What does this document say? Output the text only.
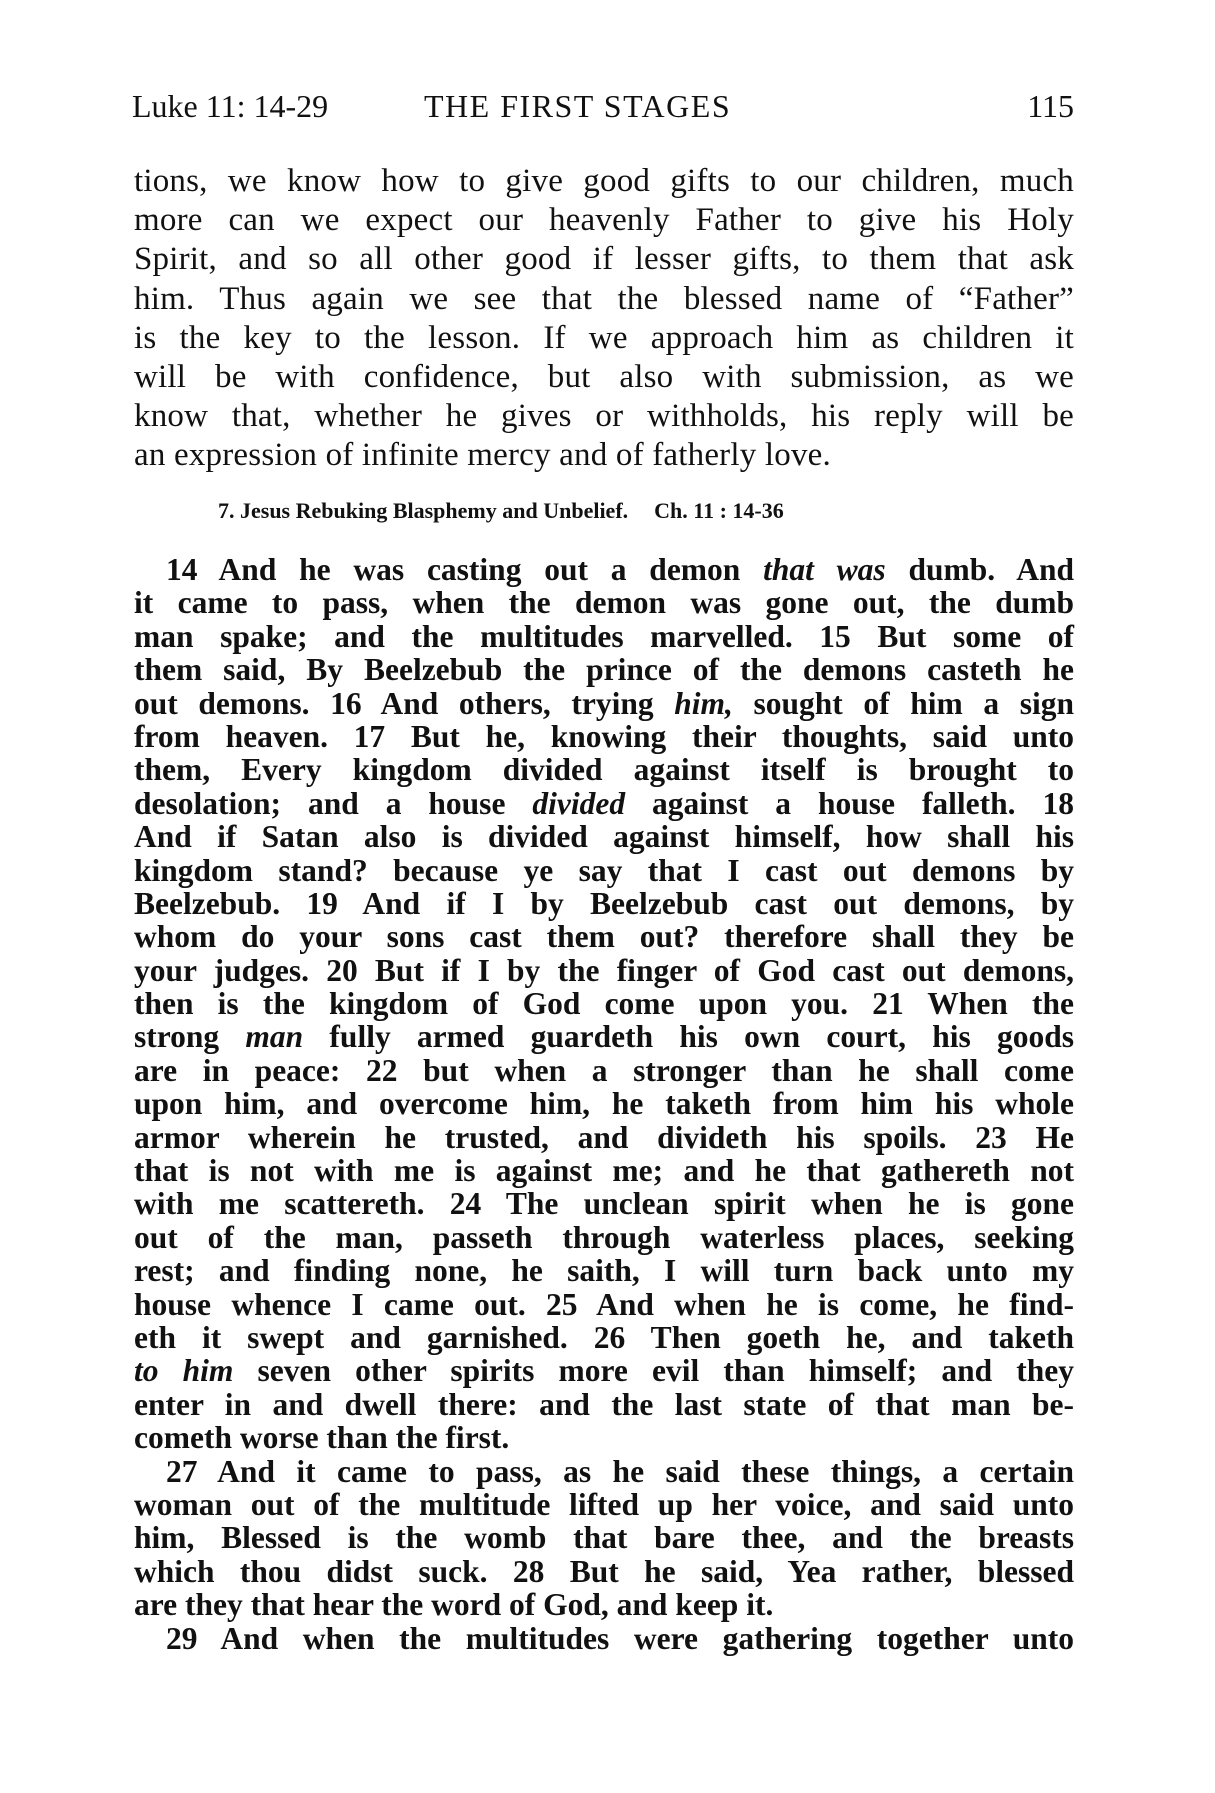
Luke 11: 14-29	THE FIRST STAGES	115
tions, we know how to give good gifts to our children, much
more can we expect our heavenly Father to give his Holy
Spirit, and so all other good if lesser gifts, to them that ask
him. Thus again we see that the blessed name of “Father”
is the key to the lesson. If we approach him as children it
will be with confidence, but also with submission, as we
know that, whether he gives or withholds, his reply will be
an expression of infinite mercy and of fatherly love.
7. Jesus Rebuking Blasphemy and Unbelief. Ch. 11 : 14-36
14 And he was casting out a demon that was dumb. And
it came to pass, when the demon was gone out, the dumb
man spake; and the multitudes marvelled. 15 But some of
them said, By Beelzebub the prince of the demons casteth he
out demons. 16 And others, trying him, sought of him a sign
from heaven. 17 But he, knowing their thoughts, said unto
them, Every kingdom divided against itself is brought to
desolation; and a house divided against a house falleth. 18
And if Satan also is divided against himself, how shall his
kingdom stand? because ye say that I cast out demons by
Beelzebub. 19 And if I by Beelzebub cast out demons, by
whom do your sons cast them out? therefore shall they be
your judges. 20 But if I by the finger of God cast out demons,
then is the kingdom of God come upon you. 21 When the
strong man fully armed guardeth his own court, his goods
are in peace: 22 but when a stronger than he shall come
upon him, and overcome him, he taketh from him his whole
armor wherein he trusted, and divideth his spoils. 23 He
that is not with me is against me; and he that gathereth not
with me scattereth. 24 The unclean spirit when he is gone
out of the man, passeth through waterless places, seeking
rest; and finding none, he saith, I will turn back unto my
house whence I came out. 25 And when he is come, he find-
eth it swept and garnished. 26 Then goeth he, and taketh
to him seven other spirits more evil than himself; and they
enter in and dwell there: and the last state of that man be-
cometh worse than the first.
27 And it came to pass, as he said these things, a certain
woman out of the multitude lifted up her voice, and said unto
him, Blessed is the womb that bare thee, and the breasts
which thou didst suck. 28 But he said, Yea rather, blessed
are they that hear the word of God, and keep it.
29 And when the multitudes were gathering together unto
